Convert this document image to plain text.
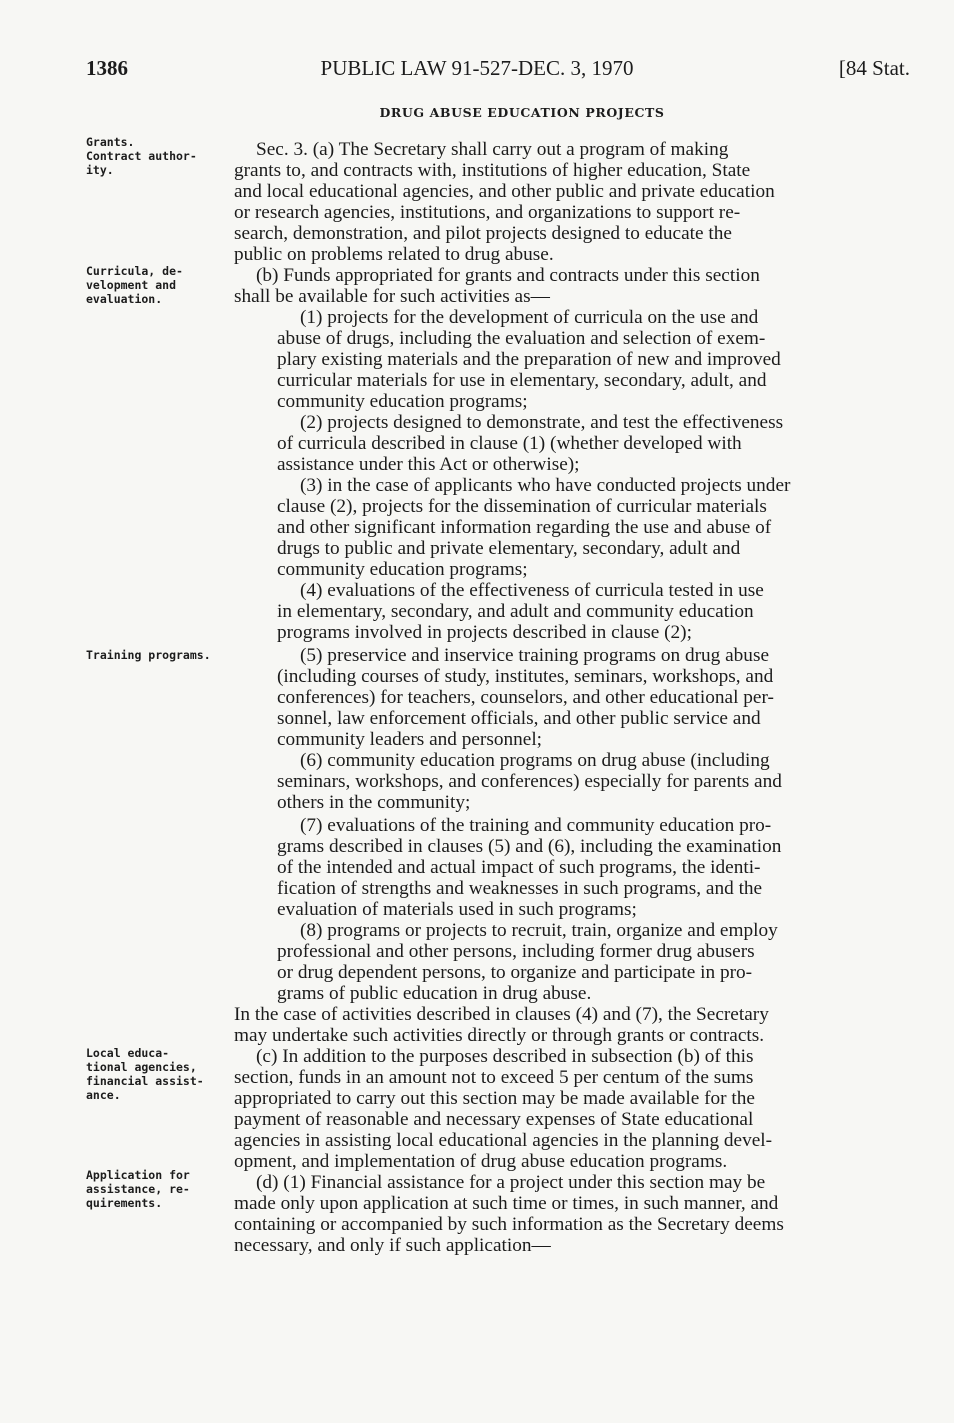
1386	PUBLIC LAW 91-527-DEC. 3, 1970	[84 Stat.
DRUG ABUSE EDUCATION PROJECTS
Grants.
Contract author-
ity.
Curricula, de-
velopment and
evaluation.
Training programs.
Local educa-
tional agencies,
financial assist-
ance.
Application for
assistance, re-
quirements.
Sec. 3. (a) The Secretary shall carry out a program of making
grants to, and contracts with, institutions of higher education, State
and local educational agencies, and other public and private education
or research agencies, institutions, and organizations to support re-
search, demonstration, and pilot projects designed to educate the
public on problems related to drug abuse.
(b) Funds appropriated for grants and contracts under this section
shall be available for such activities as—
(1) projects for the development of curricula on the use and
abuse of drugs, including the evaluation and selection of exem-
plary existing materials and the preparation of new and improved
curricular materials for use in elementary, secondary, adult, and
community education programs;
(2) projects designed to demonstrate, and test the effectiveness
of curricula described in clause (1) (whether developed with
assistance under this Act or otherwise);
(3) in the case of applicants who have conducted projects under
clause (2), projects for the dissemination of curricular materials
and other significant information regarding the use and abuse of
drugs to public and private elementary, secondary, adult and
community education programs;
(4) evaluations of the effectiveness of curricula tested in use
in elementary, secondary, and adult and community education
programs involved in projects described in clause (2);
(5) preservice and inservice training programs on drug abuse
(including courses of study, institutes, seminars, workshops, and
conferences) for teachers, counselors, and other educational per-
sonnel, law enforcement officials, and other public service and
community leaders and personnel;
(6) community education programs on drug abuse (including
seminars, workshops, and conferences) especially for parents and
others in the community;
(7) evaluations of the training and community education pro-
grams described in clauses (5) and (6), including the examination
of the intended and actual impact of such programs, the identi-
fication of strengths and weaknesses in such programs, and the
evaluation of materials used in such programs;
(8) programs or projects to recruit, train, organize and employ
professional and other persons, including former drug abusers
or drug dependent persons, to organize and participate in pro-
grams of public education in drug abuse.
In the case of activities described in clauses (4) and (7), the Secretary
may undertake such activities directly or through grants or contracts.
(c) In addition to the purposes described in subsection (b) of this
section, funds in an amount not to exceed 5 per centum of the sums
appropriated to carry out this section may be made available for the
payment of reasonable and necessary expenses of State educational
agencies in assisting local educational agencies in the planning devel-
opment, and implementation of drug abuse education programs.
(d) (1) Financial assistance for a project under this section may be
made only upon application at such time or times, in such manner, and
containing or accompanied by such information as the Secretary deems
necessary, and only if such application—
